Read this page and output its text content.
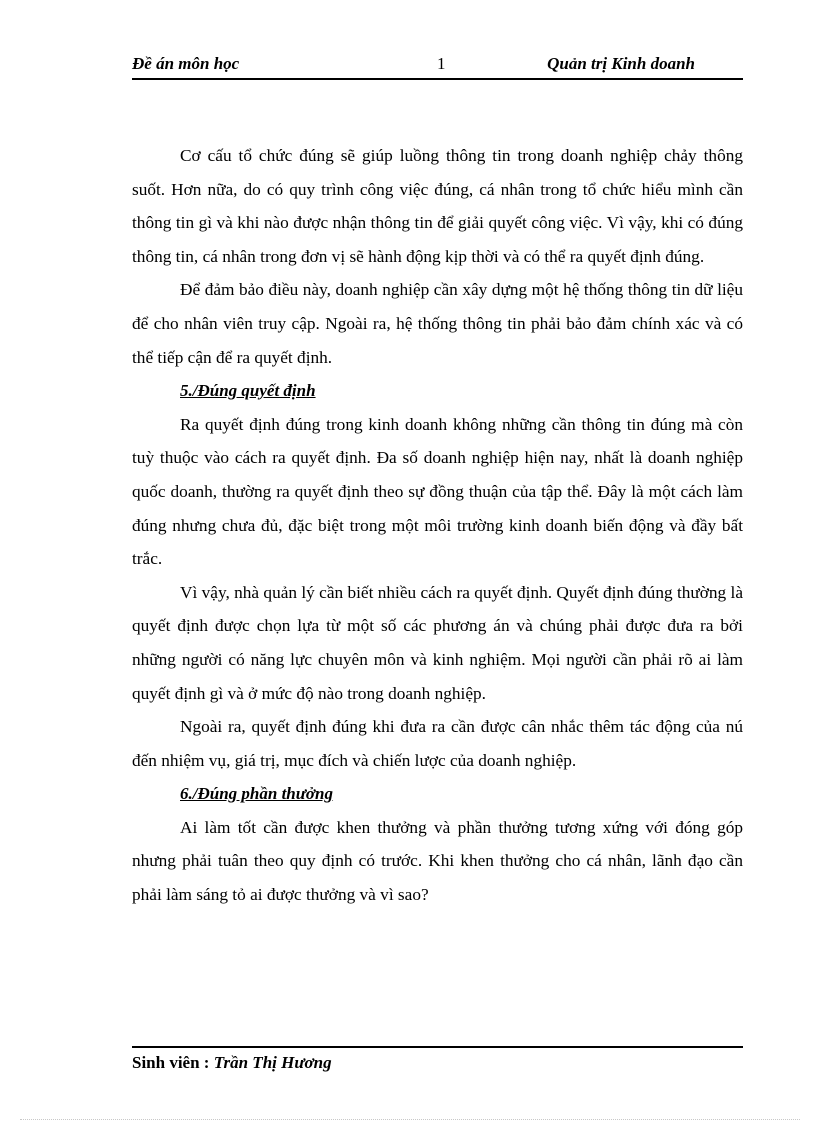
Đề án môn học	1	Quản trị Kinh doanh

Cơ cấu tổ chức đúng sẽ giúp luồng thông tin trong doanh nghiệp chảy thông suốt. Hơn nữa, do có quy trình công việc đúng, cá nhân trong tổ chức hiểu mình cần thông tin gì và khi nào được nhận thông tin để giải quyết công việc. Vì vậy, khi có đúng thông tin, cá nhân trong đơn vị sẽ hành động kịp thời và có thể ra quyết định đúng.

Để đảm bảo điều này, doanh nghiệp cần xây dựng một hệ thống thông tin dữ liệu để cho nhân viên truy cập. Ngoài ra, hệ thống thông tin phải bảo đảm chính xác và có thể tiếp cận để ra quyết định.

5./Đúng quyết định

Ra quyết định đúng trong kinh doanh không những cần thông tin đúng mà còn tuỳ thuộc vào cách ra quyết định. Đa số doanh nghiệp hiện nay, nhất là doanh nghiệp quốc doanh, thường ra quyết định theo sự đồng thuận của tập thể. Đây là một cách làm đúng nhưng chưa đủ, đặc biệt trong một môi trường kinh doanh biến động và đầy bất trắc.

Vì vậy, nhà quản lý cần biết nhiều cách ra quyết định. Quyết định đúng thường là quyết định được chọn lựa từ một số các phương án và chúng phải được đưa ra bởi những người có năng lực chuyên môn và kinh nghiệm. Mọi người cần phải rõ ai làm quyết định gì và ở mức độ nào trong doanh nghiệp.

Ngoài ra, quyết định đúng khi đưa ra cần được cân nhắc thêm tác động của nú đến nhiệm vụ, giá trị, mục đích và chiến lược của doanh nghiệp.

6./Đúng phần thưởng

Ai làm tốt cần được khen thưởng và phần thưởng tương xứng với đóng góp nhưng phải tuân theo quy định có trước. Khi khen thưởng cho cá nhân, lãnh đạo cần phải làm sáng tỏ ai được thưởng và vì sao?

Sinh viên : Trần Thị Hương
